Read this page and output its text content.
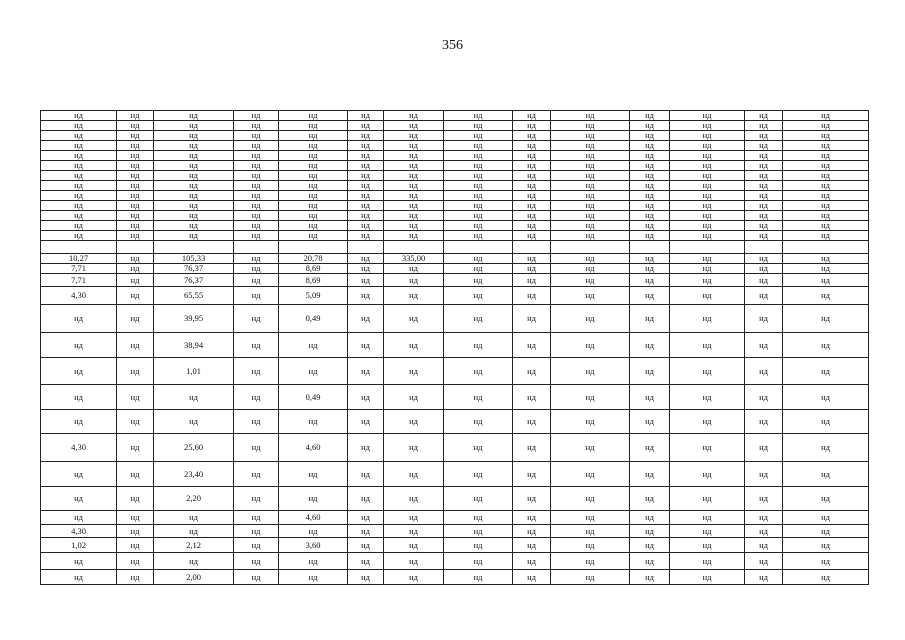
356
нд	нд	нд	нд	нд	нд	нд	нд	нд	нд	нд	нд	нд	нд
нд	нд	нд	нд	нд	нд	нд	нд	нд	нд	нд	нд	нд	нд
нд	нд	нд	нд	нд	нд	нд	нд	нд	нд	нд	нд	нд	нд
нд	нд	нд	нд	нд	нд	нд	нд	нд	нд	нд	нд	нд	нд
нд	нд	нд	нд	нд	нд	нд	нд	нд	нд	нд	нд	нд	нд
нд	нд	нд	нд	нд	нд	нд	нд	нд	нд	нд	нд	нд	нд
нд	нд	нд	нд	нд	нд	нд	нд	нд	нд	нд	нд	нд	нд
нд	нд	нд	нд	нд	нд	нд	нд	нд	нд	нд	нд	нд	нд
нд	нд	нд	нд	нд	нд	нд	нд	нд	нд	нд	нд	нд	нд
нд	нд	нд	нд	нд	нд	нд	нд	нд	нд	нд	нд	нд	нд
нд	нд	нд	нд	нд	нд	нд	нд	нд	нд	нд	нд	нд	нд
нд	нд	нд	нд	нд	нд	нд	нд	нд	нд	нд	нд	нд	нд
нд	нд	нд	нд	нд	нд	нд	нд	нд	нд	нд	нд	нд	нд

10,27	нд	105,33	нд	20,78	нд	335,00	нд	нд	нд	нд	нд	нд	нд
7,71	нд	76,37	нд	8,69	нд	нд	нд	нд	нд	нд	нд	нд	нд
7,71	нд	76,37	нд	8,69	нд	нд	нд	нд	нд	нд	нд	нд	нд
4,30	нд	65,55	нд	5,09	нд	нд	нд	нд	нд	нд	нд	нд	нд
нд	нд	39,95	нд	0,49	нд	нд	нд	нд	нд	нд	нд	нд	нд
нд	нд	38,94	нд	нд	нд	нд	нд	нд	нд	нд	нд	нд	нд
нд	нд	1,01	нд	нд	нд	нд	нд	нд	нд	нд	нд	нд	нд
нд	нд	нд	нд	0,49	нд	нд	нд	нд	нд	нд	нд	нд	нд
нд	нд	нд	нд	нд	нд	нд	нд	нд	нд	нд	нд	нд	нд
4,30	нд	25,60	нд	4,60	нд	нд	нд	нд	нд	нд	нд	нд	нд
нд	нд	23,40	нд	нд	нд	нд	нд	нд	нд	нд	нд	нд	нд
нд	нд	2,20	нд	нд	нд	нд	нд	нд	нд	нд	нд	нд	нд
нд	нд	нд	нд	4,60	нд	нд	нд	нд	нд	нд	нд	нд	нд
4,30	нд	нд	нд	нд	нд	нд	нд	нд	нд	нд	нд	нд	нд
1,02	нд	2,12	нд	3,60	нд	нд	нд	нд	нд	нд	нд	нд	нд
нд	нд	нд	нд	нд	нд	нд	нд	нд	нд	нд	нд	нд	нд
нд	нд	2,00	нд	нд	нд	нд	нд	нд	нд	нд	нд	нд	нд
